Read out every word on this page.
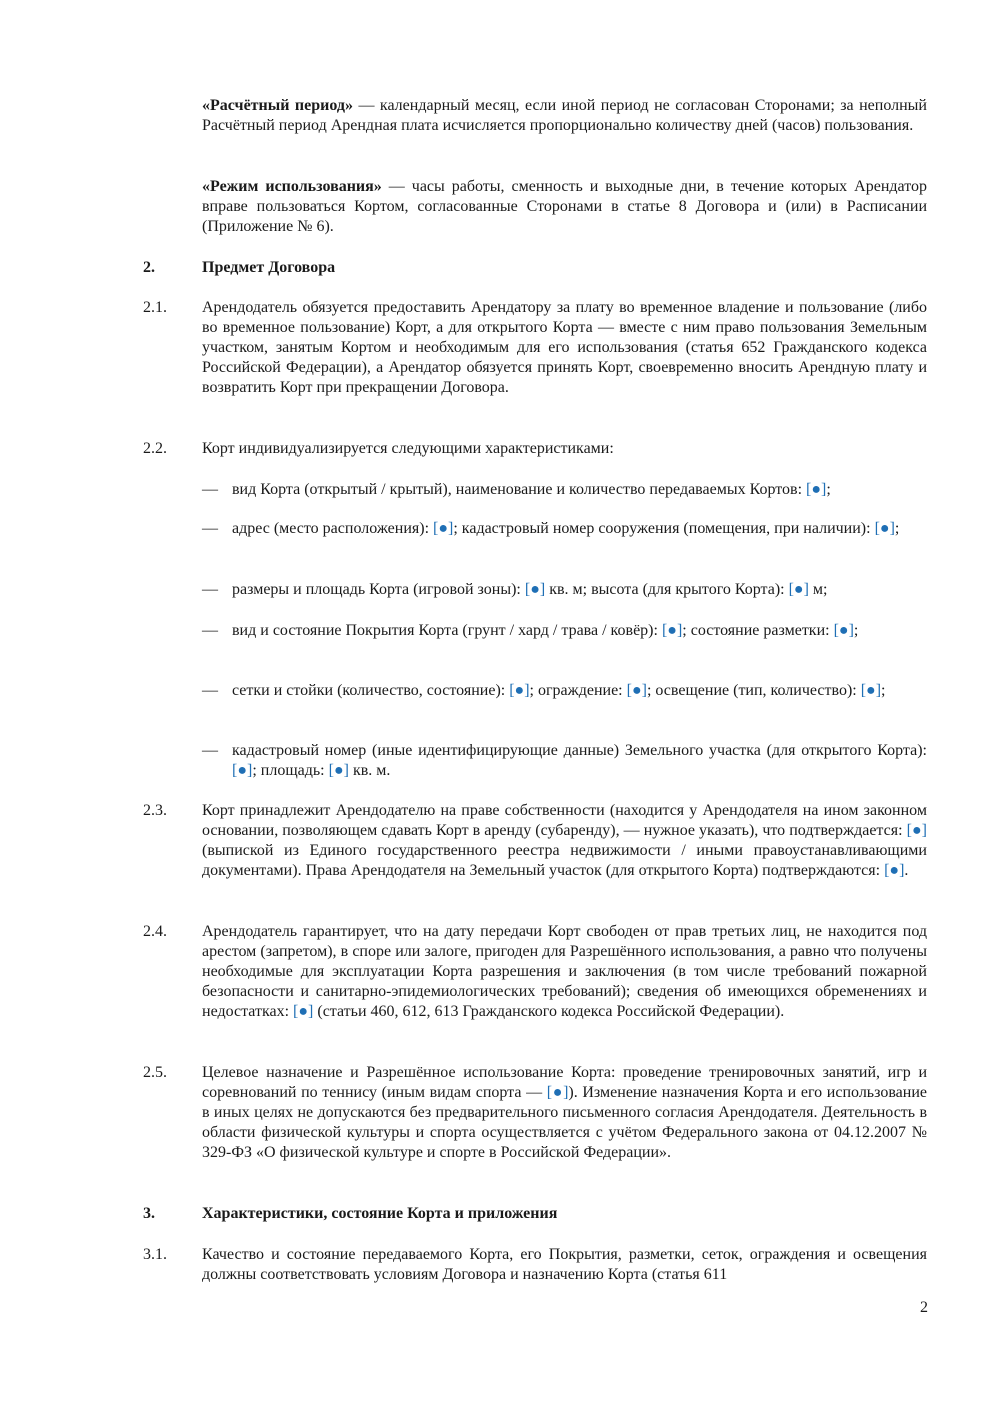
«Расчётный период» — календарный месяц, если иной период не согласован Сторонами; за неполный Расчётный период Арендная плата исчисляется пропорционально количеству дней (часов) пользования.
«Режим использования» — часы работы, сменность и выходные дни, в течение которых Арендатор вправе пользоваться Кортом, согласованные Сторонами в статье 8 Договора и (или) в Расписании (Приложение № 6).
2.	Предмет Договора
2.1. Арендодатель обязуется предоставить Арендатору за плату во временное владение и пользование (либо во временное пользование) Корт, а для открытого Корта — вместе с ним право пользования Земельным участком, занятым Кортом и необходимым для его использования (статья 652 Гражданского кодекса Российской Федерации), а Арендатор обязуется принять Корт, своевременно вносить Арендную плату и возвратить Корт при прекращении Договора.
2.2. Корт индивидуализируется следующими характеристиками:
— вид Корта (открытый / крытый), наименование и количество передаваемых Кортов: [●];
— адрес (место расположения): [●]; кадастровый номер сооружения (помещения, при наличии): [●];
— размеры и площадь Корта (игровой зоны): [●] кв. м; высота (для крытого Корта): [●] м;
— вид и состояние Покрытия Корта (грунт / хард / трава / ковёр): [●]; состояние разметки: [●];
— сетки и стойки (количество, состояние): [●]; ограждение: [●]; освещение (тип, количество): [●];
— кадастровый номер (иные идентифицирующие данные) Земельного участка (для открытого Корта): [●]; площадь: [●] кв. м.
2.3. Корт принадлежит Арендодателю на праве собственности (находится у Арендодателя на ином законном основании, позволяющем сдавать Корт в аренду (субаренду), — нужное указать), что подтверждается: [●] (выпиской из Единого государственного реестра недвижимости / иными правоустанавливающими документами). Права Арендодателя на Земельный участок (для открытого Корта) подтверждаются: [●].
2.4. Арендодатель гарантирует, что на дату передачи Корт свободен от прав третьих лиц, не находится под арестом (запретом), в споре или залоге, пригоден для Разрешённого использования, а равно что получены необходимые для эксплуатации Корта разрешения и заключения (в том числе требований пожарной безопасности и санитарно-эпидемиологических требований); сведения об имеющихся обременениях и недостатках: [●] (статьи 460, 612, 613 Гражданского кодекса Российской Федерации).
2.5. Целевое назначение и Разрешённое использование Корта: проведение тренировочных занятий, игр и соревнований по теннису (иным видам спорта — [●]). Изменение назначения Корта и его использование в иных целях не допускаются без предварительного письменного согласия Арендодателя. Деятельность в области физической культуры и спорта осуществляется с учётом Федерального закона от 04.12.2007 № 329-ФЗ «О физической культуре и спорте в Российской Федерации».
3.	Характеристики, состояние Корта и приложения
3.1. Качество и состояние передаваемого Корта, его Покрытия, разметки, сеток, ограждения и освещения должны соответствовать условиям Договора и назначению Корта (статья 611
2
